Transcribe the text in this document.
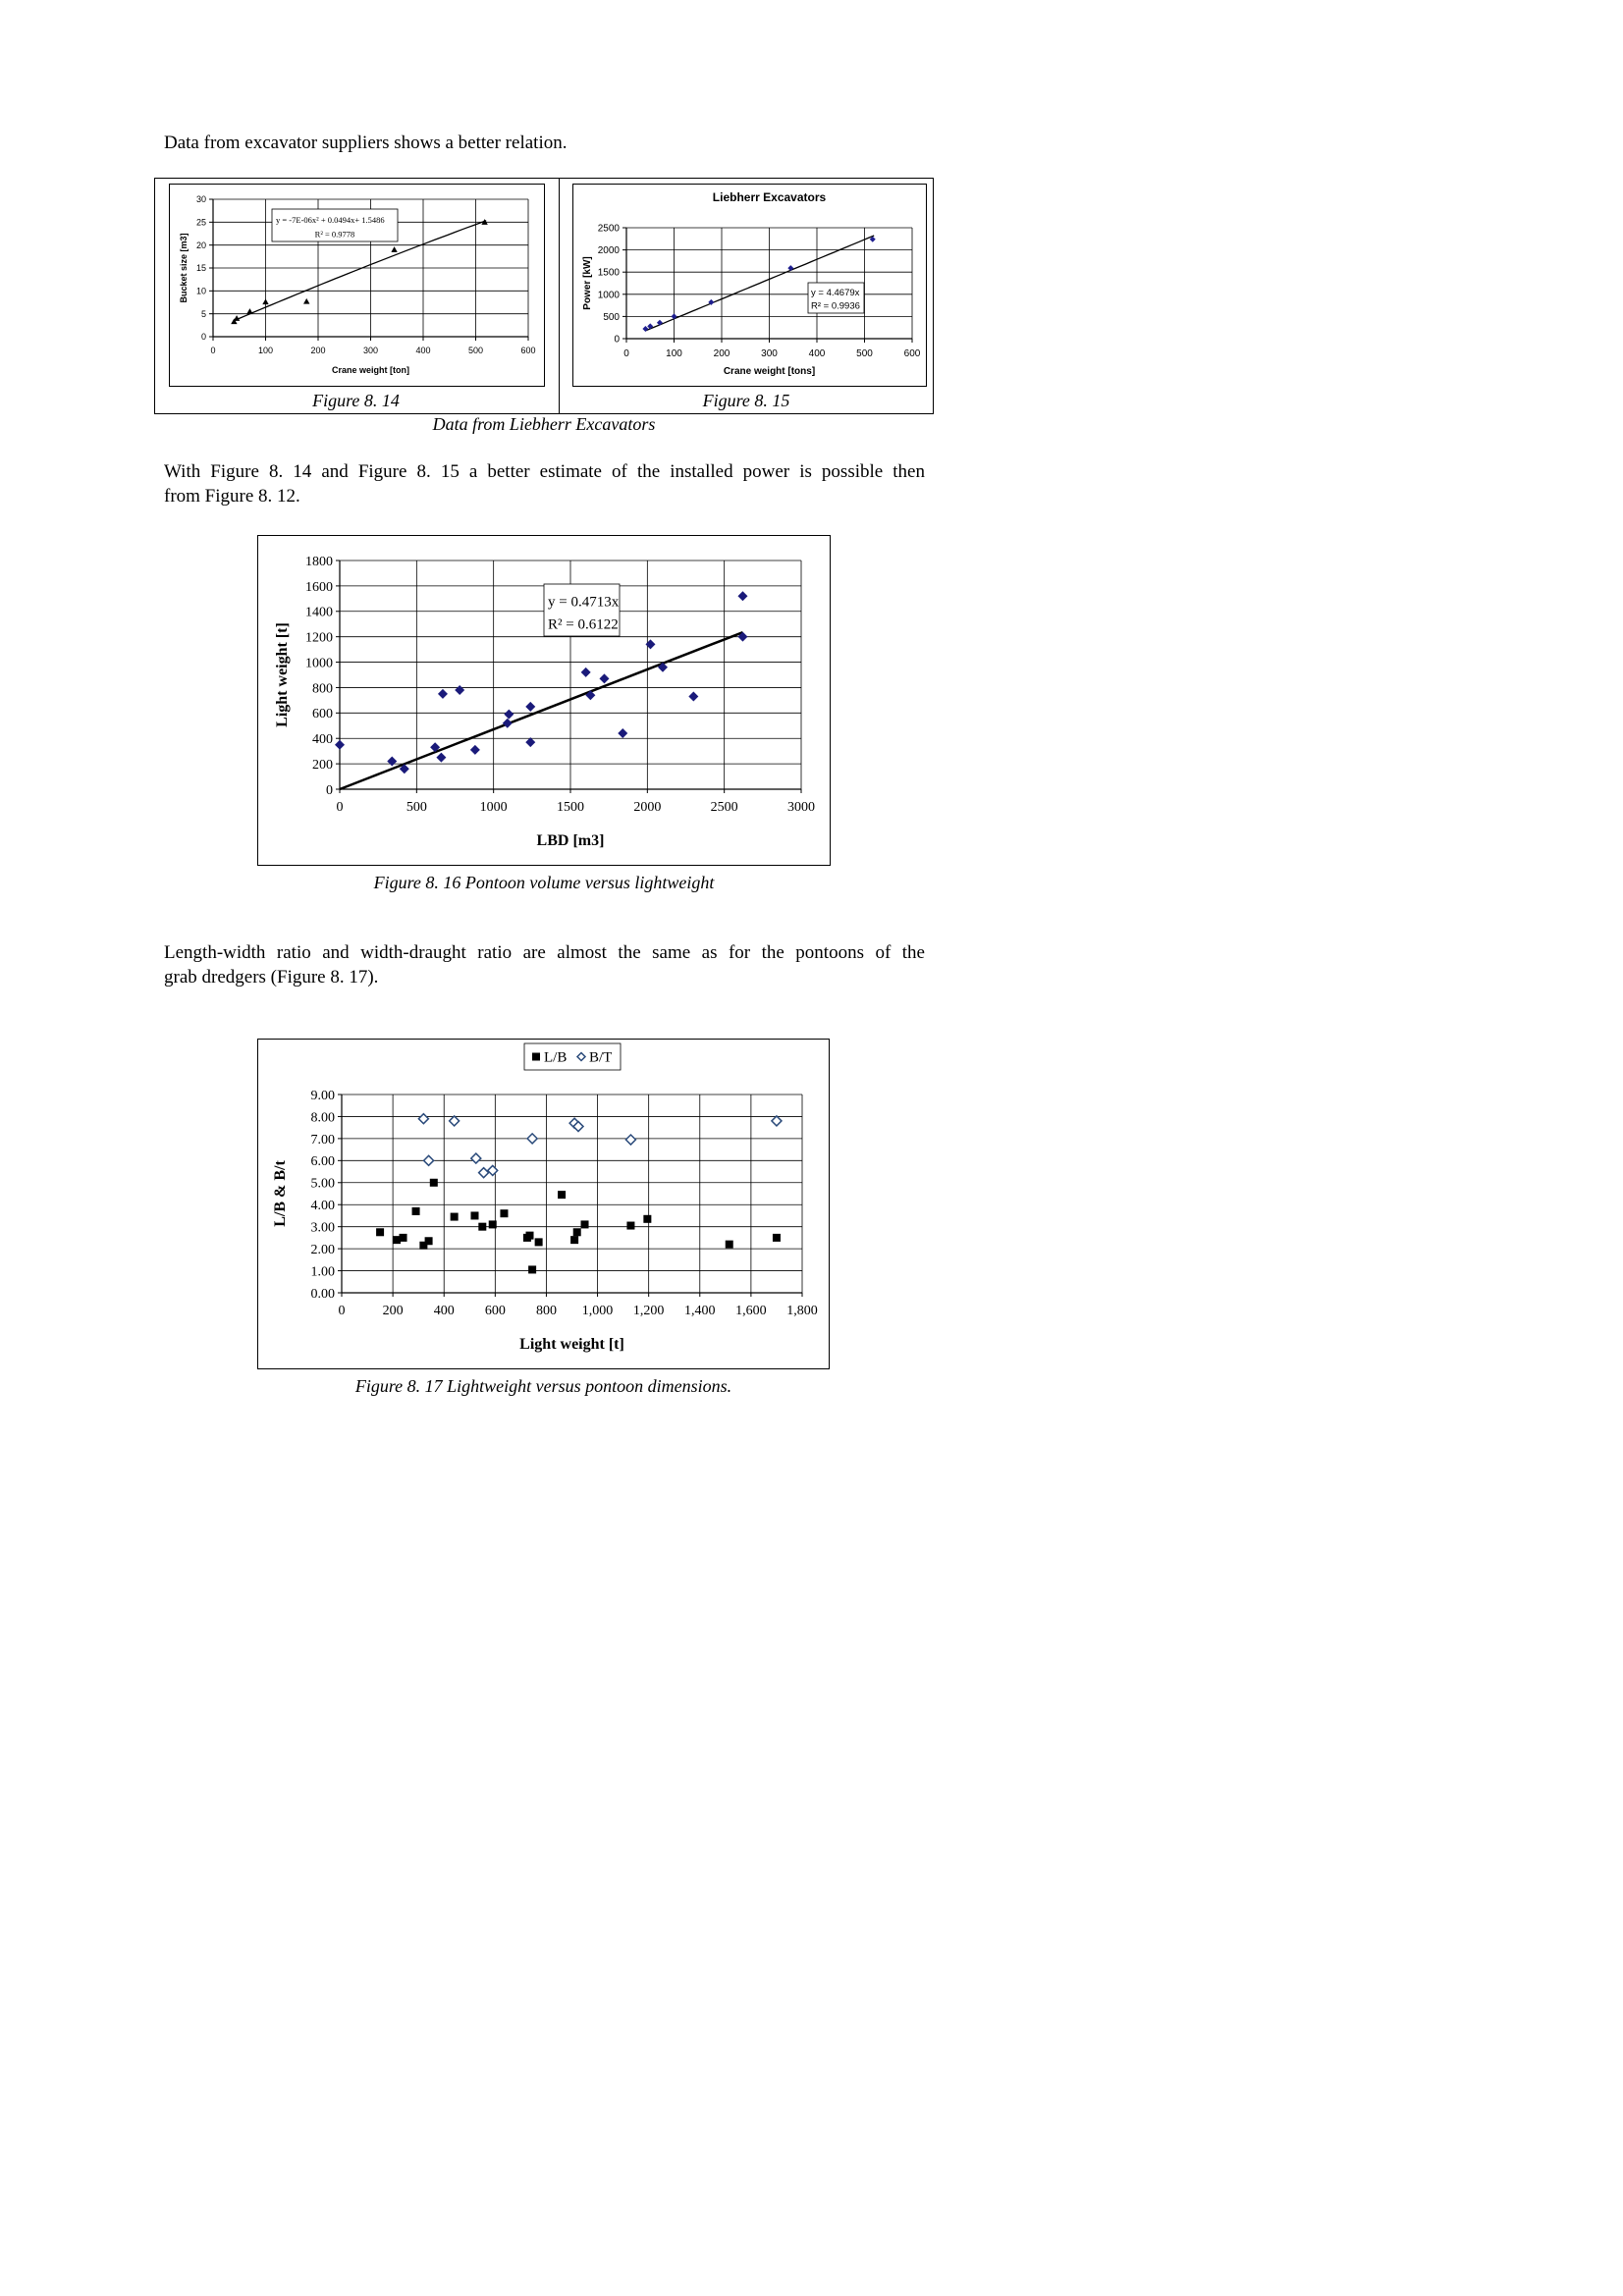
Data from excavator suppliers shows a better relation.

0
5
10
15
20
25
30
0	100	200	300	400	500	600
Crane weight [ton]
Bucket size [m3]
y = -7E-06x² + 0.0494x+ 1.5486
R² = 0.9778
0
500
1000
1500
2000
2500
0	100	200	300	400	500	600
Crane weight [tons]
Power [kW]
Liebherr Excavators
y = 4.4679x
R² = 0.9936
Figure 8. 14	Figure 8. 15
Data from Liebherr Excavators

With Figure 8. 14 and Figure 8. 15 a better estimate of the installed power is possible then

from Figure 8. 12.

0
200
400
600
800
1000
1200
1400
1600
1800
0	500	1000	1500	2000	2500	3000
LBD [m3]
Light weight [t]
y = 0.4713x
R² = 0.6122
Figure 8. 16 Pontoon volume versus lightweight

Length-width ratio and width-draught ratio are almost the same as for the pontoons of the

grab dredgers (Figure 8. 17).

0.00
1.00
2.00
3.00
4.00
5.00
6.00
7.00
8.00
9.00
0	200 400 600 800 1,000 1,200 1,400 1,600 1,800
Light weight [t]
L/B & B/t
L/B B/T
Figure 8. 17 Lightweight versus pontoon dimensions.
